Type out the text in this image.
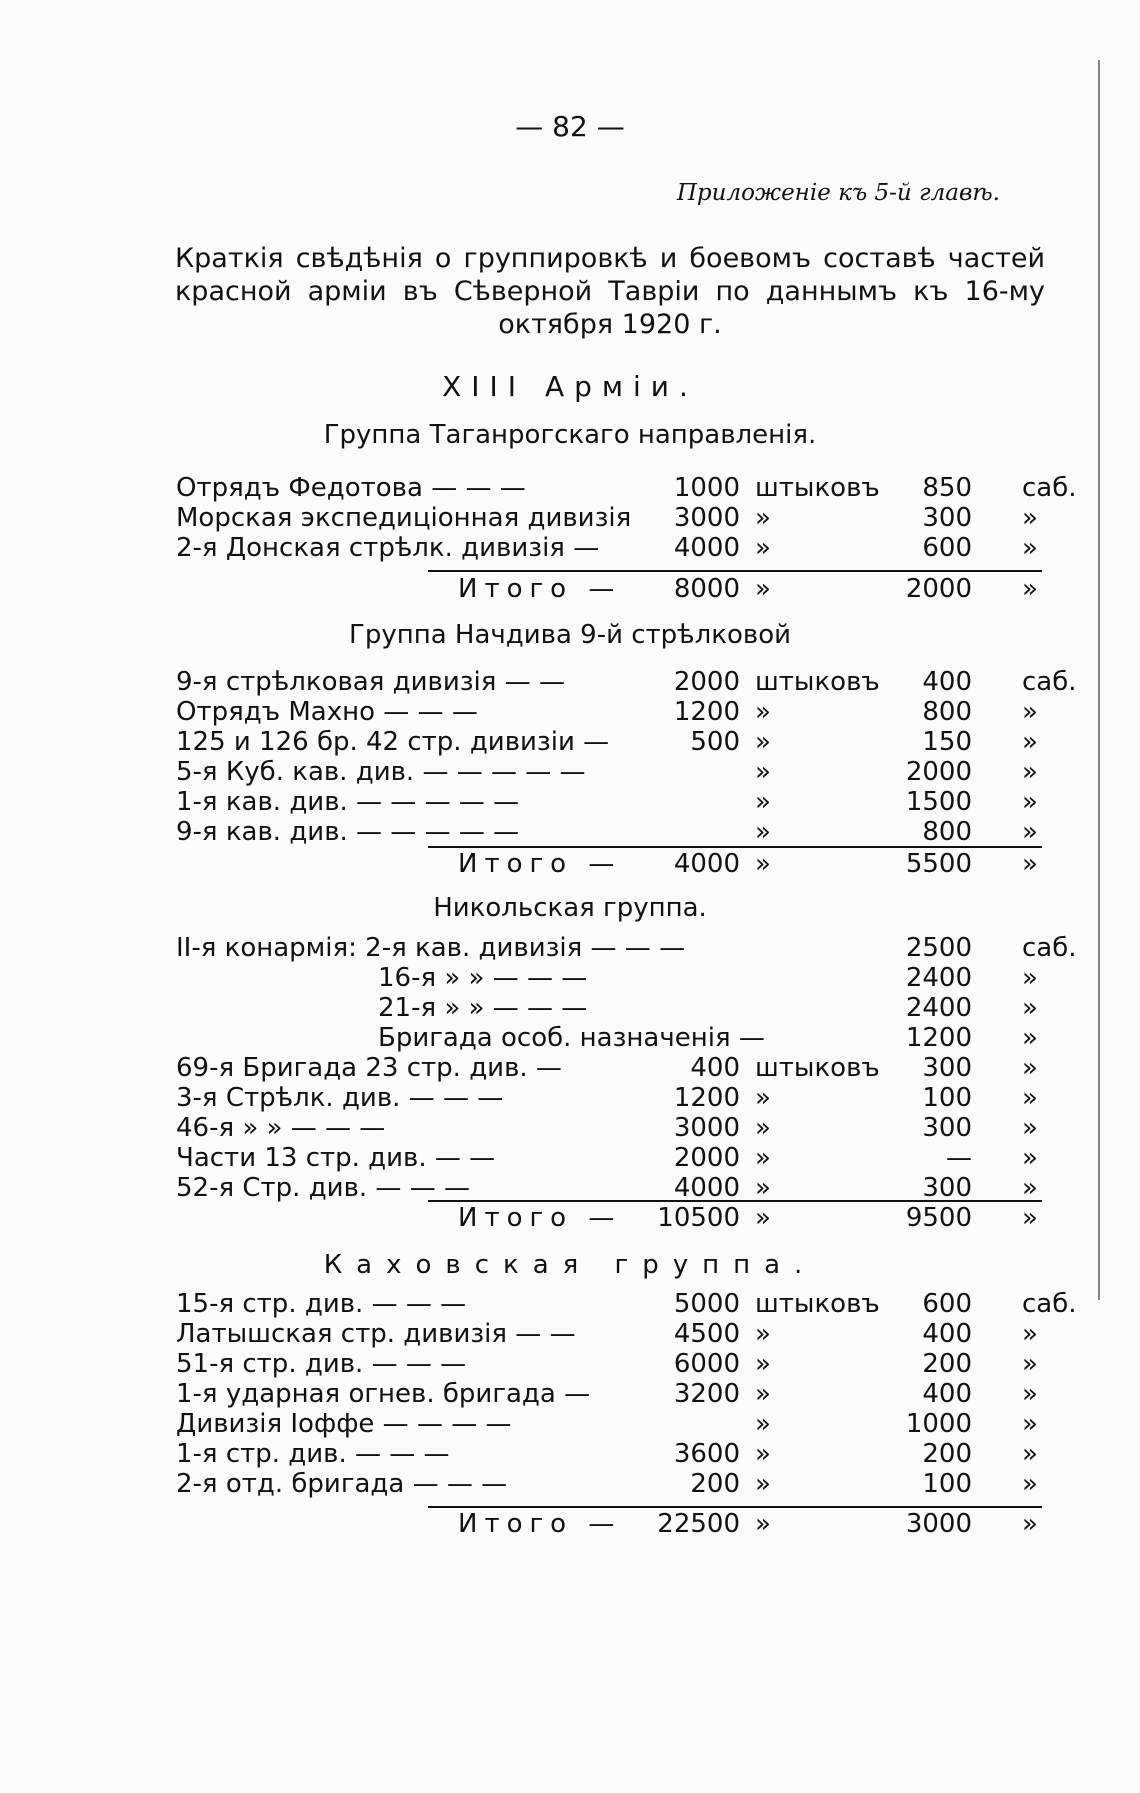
— 82 —
Приложенiе къ 5-й главѣ.
Краткiя свѣдѣнiя о группировкѣ и боевомъ составѣ частей
красной армiи въ Сѣверной Тавріи по даннымъ къ 16-му
октября 1920 г.
XIII Армiи.
Группа Таганрогскаго направленiя.
Отрядъ Федотова — — —	1000 штыковъ 850 саб.
Морская экспедицiонная дивизiя 3000 »	300 »
2-я Донская стрѣлк. дивизiя —	4000 »	600 »
Итого — 8000 »	2000 »
Группа Начдива 9-й стрѣлковой
9-я стрѣлковая дивизiя — —	2000 штыковъ 400 саб.
Отрядъ Махно — — —	1200 »	800 »
125 и 126 бр. 42 стр. дивизiи —	500 »	150 »
5-я Куб. кав. див. — — — — —	»	2000 »
1-я кав. див. — — — — —	»	1500 »
9-я кав. див. — — — — —	»	800 »
Итого — 4000 »	5500 »
Никольская группа.
II-я конармiя: 2-я кав. дивизiя — — —	2500 саб.
16-я » » — — —	2400 »
21-я » » — — —	2400 »
Бригада особ. назначенiя —	1200 »
69-я Бригада 23 стр. див. —	400 штыковъ 300 »
3-я Стрѣлк. див. — — —	1200 »	100 »
46-я » » — — —	3000 »	300 »
Части 13 стр. див. — —	2000 »	— »
52-я Стр. див. — — —	4000 »	300 »
Итого — 10500 »	9500 »
Каховская группа.
15-я стр. див. — — —	5000 штыковъ 600 саб.
Латышская стр. дивизiя — —	4500 »	400 »
51-я стр. див. — — —	6000 »	200 »
1-я ударная огнев. бригада —	3200 »	400 »
Дивизiя Iоффе — — — —	»	1000 »
1-я стр. див. — — —	3600 »	200 »
2-я отд. бригада — — —	200 »	100 »
Итого — 22500 »	3000 »
